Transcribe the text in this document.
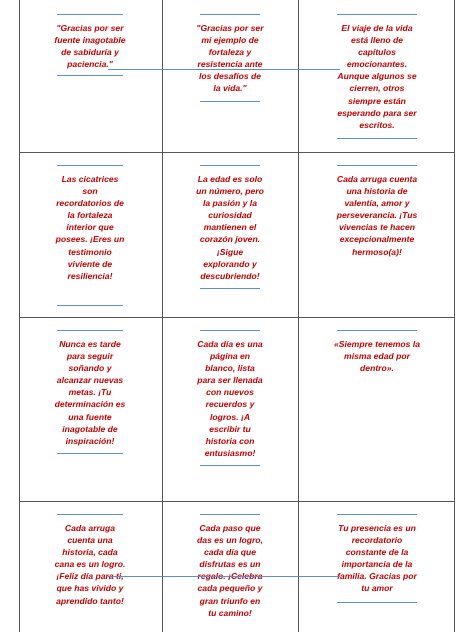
"Gracias por ser fuente inagotable de sabiduría y paciencia."
"Gracias por ser mi ejemplo de fortaleza y resistencia ante los desafíos de la vida."
El viaje de la vida está lleno de capítulos emocionantes. Aunque algunos se cierren, otros siempre están esperando para ser escritos.
Las cicatrices son recordatorios de la fortaleza interior que posees. ¡Eres un testimonio viviente de resiliencia!
La edad es solo un número, pero la pasión y la curiosidad mantienen el corazón joven. ¡Sigue explorando y descubriendo!
Cada arruga cuenta una historia de valentía, amor y perseverancia. ¡Tus vivencias te hacen excepcionalmente hermoso(a)!
Nunca es tarde para seguir soñando y alcanzar nuevas metas. ¡Tu determinación es una fuente inagotable de inspiración!
Cada día es una página en blanco, lista para ser llenada con nuevos recuerdos y logros. ¡A escribir tu historia con entusiasmo!
«Siempre tenemos la misma edad por dentro».
Cada arruga cuenta una historia, cada cana es un logro. ¡Feliz día para ti, que has vivido y aprendido tanto!
Cada paso que das es un logro, cada día que disfrutas es un regalo. ¡Celebra cada pequeño y gran triunfo en tu camino!
Tu presencia es un recordatorio constante de la importancia de la familia. Gracias por tu amor
